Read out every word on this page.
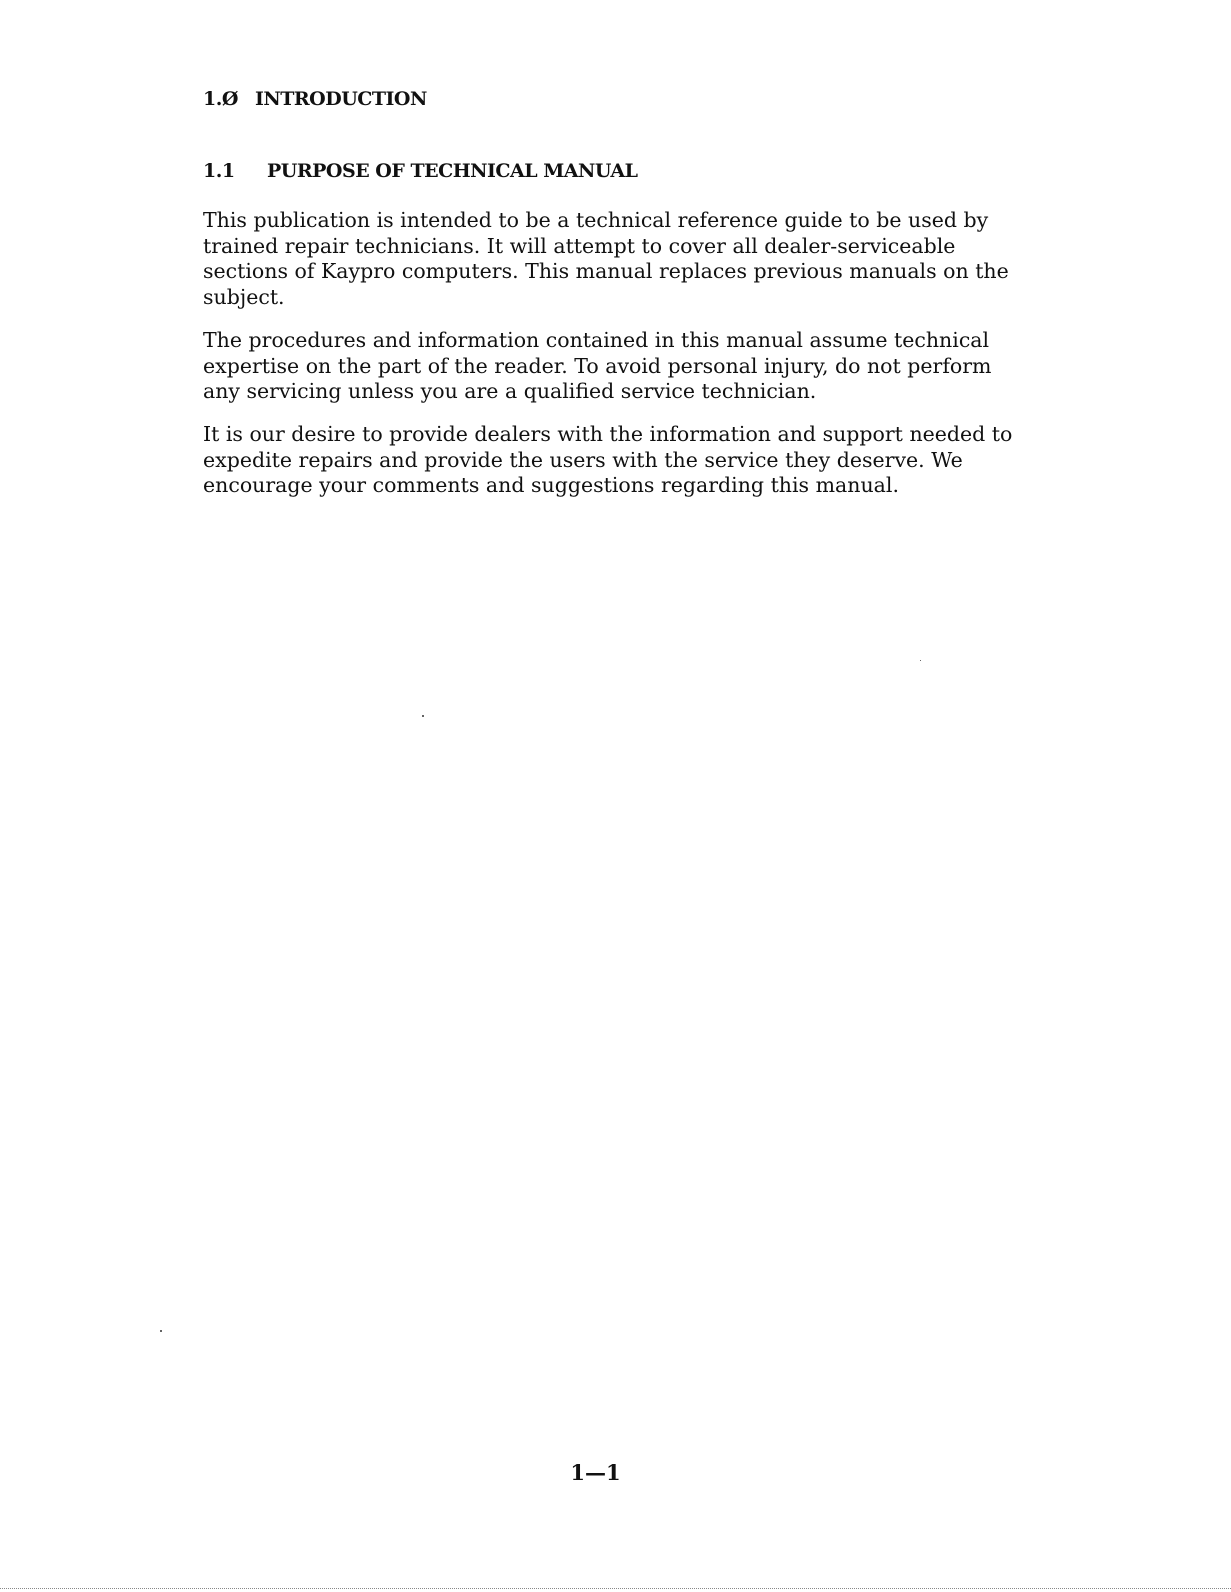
1.Ø INTRODUCTION
1.1 PURPOSE OF TECHNICAL MANUAL

This publication is intended to be a technical reference guide to be used by
trained repair technicians. It will attempt to cover all dealer-serviceable
sections of Kaypro computers. This manual replaces previous manuals on the
subject.

The procedures and information contained in this manual assume technical
expertise on the part of the reader. To avoid personal injury, do not perform
any servicing unless you are a qualified service technician.

It is our desire to provide dealers with the information and support needed to
expedite repairs and provide the users with the service they deserve. We
encourage your comments and suggestions regarding this manual.

1—1
